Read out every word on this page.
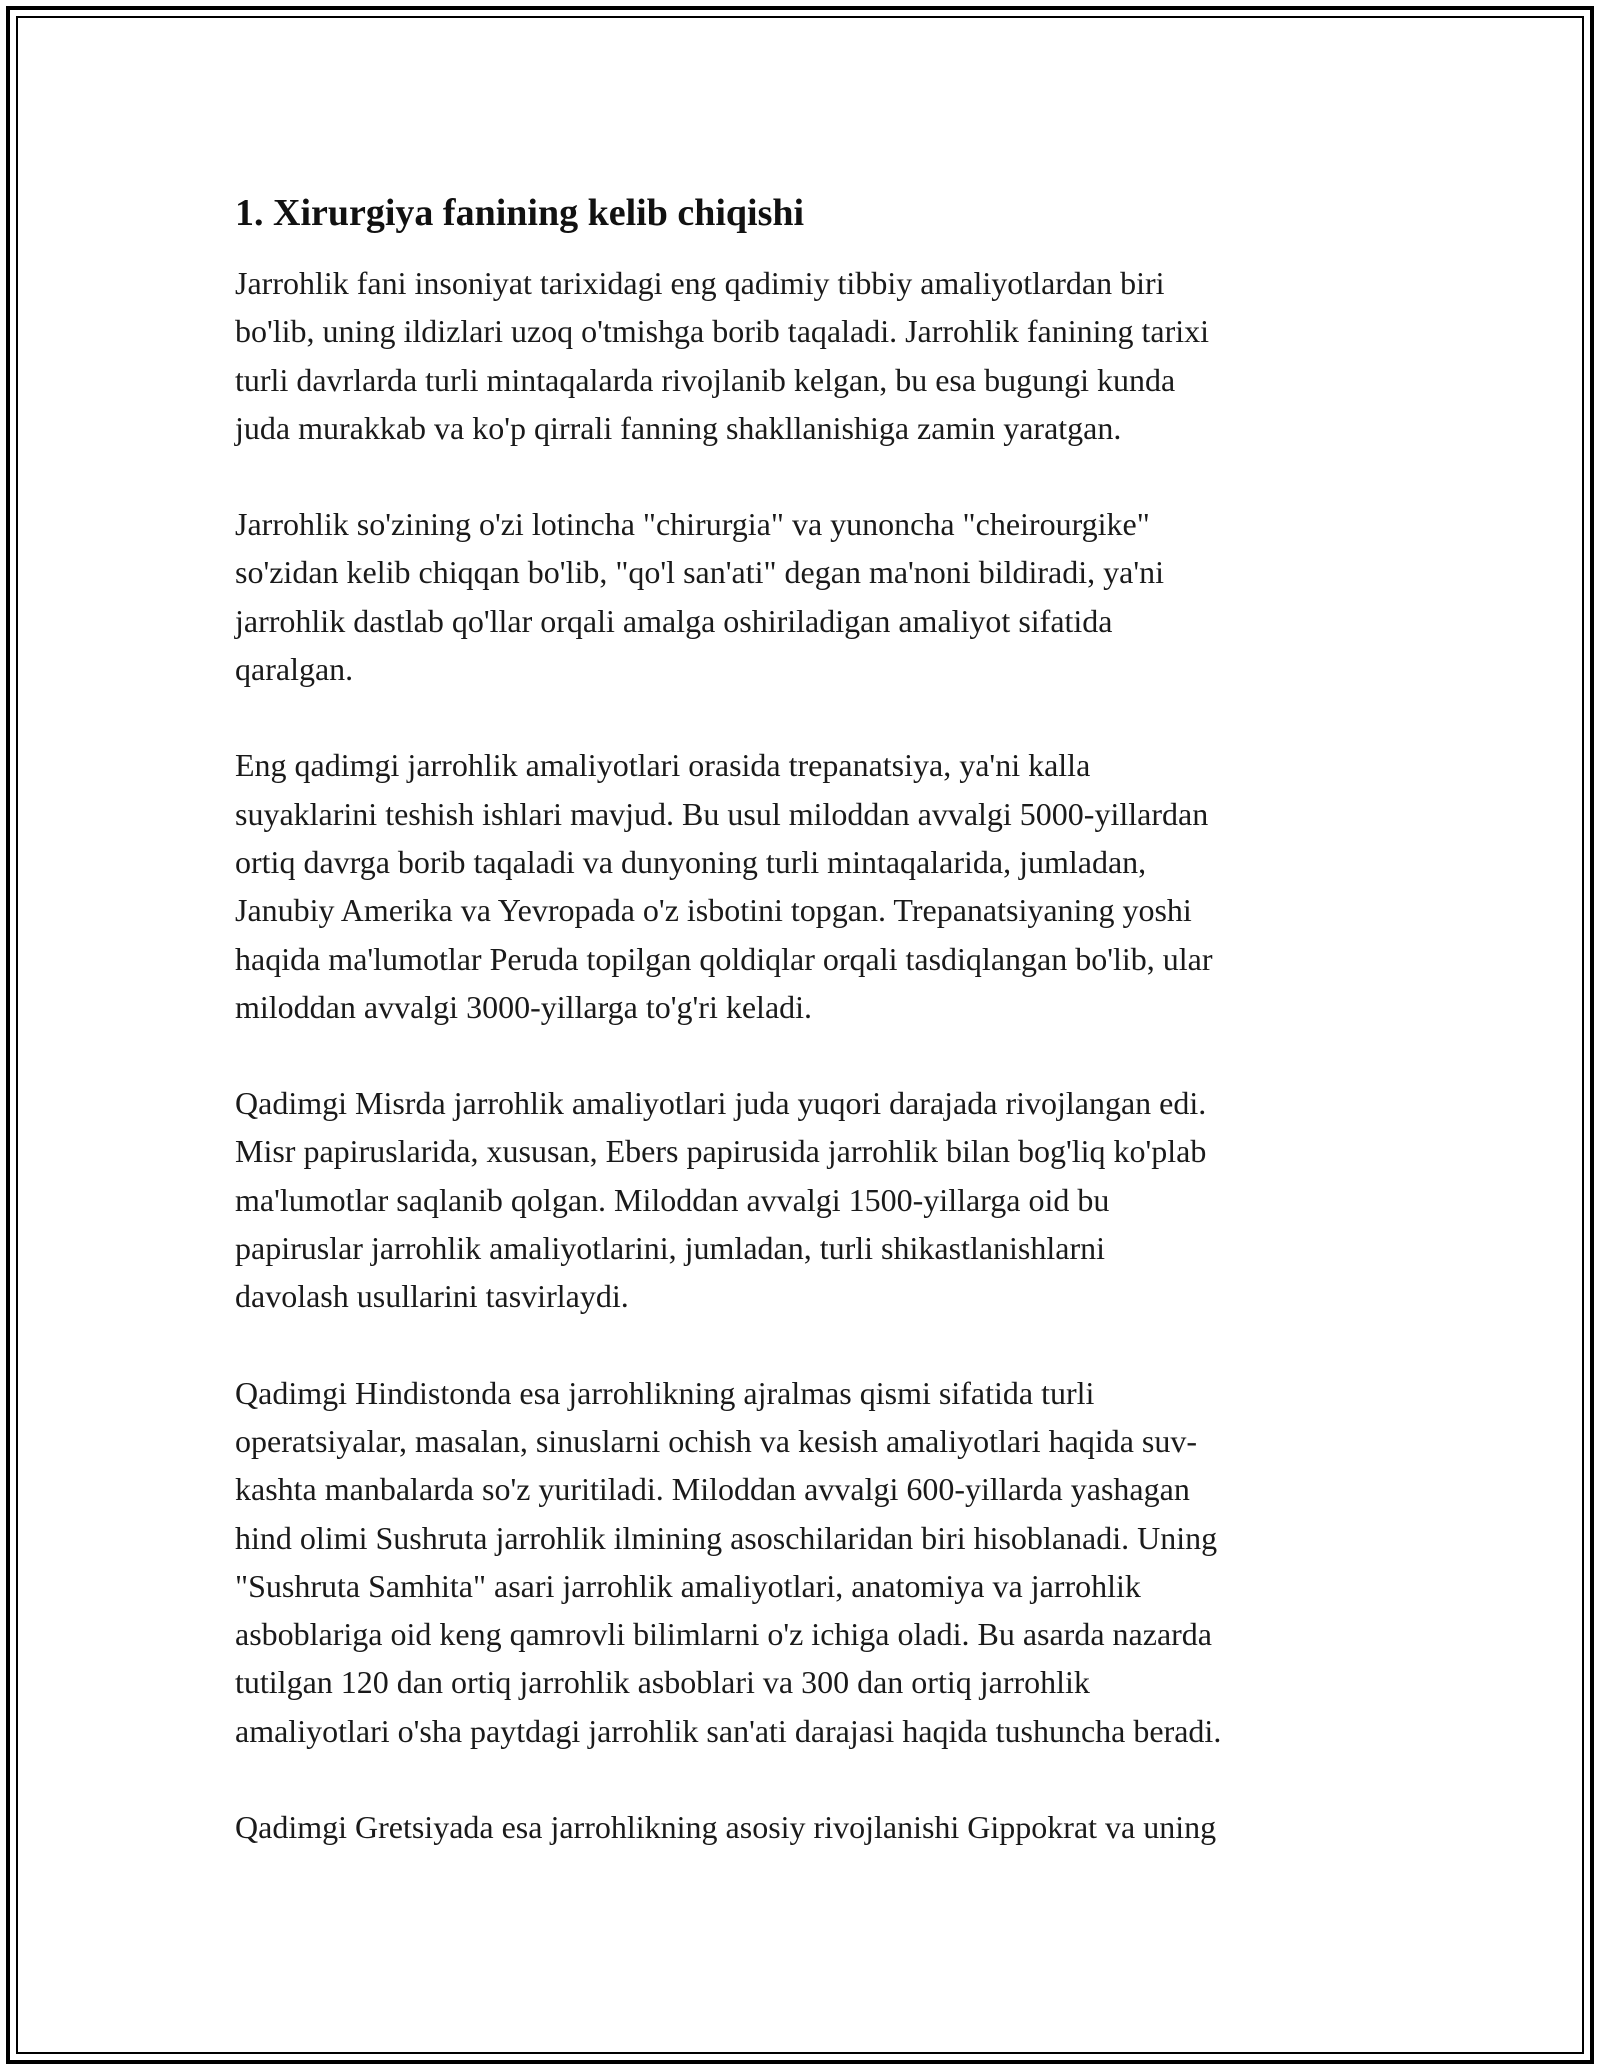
1. Xirurgiya fanining kelib chiqishi

Jarrohlik fani insoniyat tarixidagi eng qadimiy tibbiy amaliyotlardan biri
bo'lib, uning ildizlari uzoq o'tmishga borib taqaladi. Jarrohlik fanining tarixi
turli davrlarda turli mintaqalarda rivojlanib kelgan, bu esa bugungi kunda
juda murakkab va ko'p qirrali fanning shakllanishiga zamin yaratgan.

Jarrohlik so'zining o'zi lotincha "chirurgia" va yunoncha "cheirourgike"
so'zidan kelib chiqqan bo'lib, "qo'l san'ati" degan ma'noni bildiradi, ya'ni
jarrohlik dastlab qo'llar orqali amalga oshiriladigan amaliyot sifatida
qaralgan.

Eng qadimgi jarrohlik amaliyotlari orasida trepanatsiya, ya'ni kalla
suyaklarini teshish ishlari mavjud. Bu usul miloddan avvalgi 5000-yillardan
ortiq davrga borib taqaladi va dunyoning turli mintaqalarida, jumladan,
Janubiy Amerika va Yevropada o'z isbotini topgan. Trepanatsiyaning yoshi
haqida ma'lumotlar Peruda topilgan qoldiqlar orqali tasdiqlangan bo'lib, ular
miloddan avvalgi 3000-yillarga to'g'ri keladi.

Qadimgi Misrda jarrohlik amaliyotlari juda yuqori darajada rivojlangan edi.
Misr papiruslarida, xususan, Ebers papirusida jarrohlik bilan bog'liq ko'plab
ma'lumotlar saqlanib qolgan. Miloddan avvalgi 1500-yillarga oid bu
papiruslar jarrohlik amaliyotlarini, jumladan, turli shikastlanishlarni
davolash usullarini tasvirlaydi.

Qadimgi Hindistonda esa jarrohlikning ajralmas qismi sifatida turli
operatsiyalar, masalan, sinuslarni ochish va kesish amaliyotlari haqida suv-
kashta manbalarda so'z yuritiladi. Miloddan avvalgi 600-yillarda yashagan
hind olimi Sushruta jarrohlik ilmining asoschilaridan biri hisoblanadi. Uning
"Sushruta Samhita" asari jarrohlik amaliyotlari, anatomiya va jarrohlik
asboblariga oid keng qamrovli bilimlarni o'z ichiga oladi. Bu asarda nazarda
tutilgan 120 dan ortiq jarrohlik asboblari va 300 dan ortiq jarrohlik
amaliyotlari o'sha paytdagi jarrohlik san'ati darajasi haqida tushuncha beradi.

Qadimgi Gretsiyada esa jarrohlikning asosiy rivojlanishi Gippokrat va uning
